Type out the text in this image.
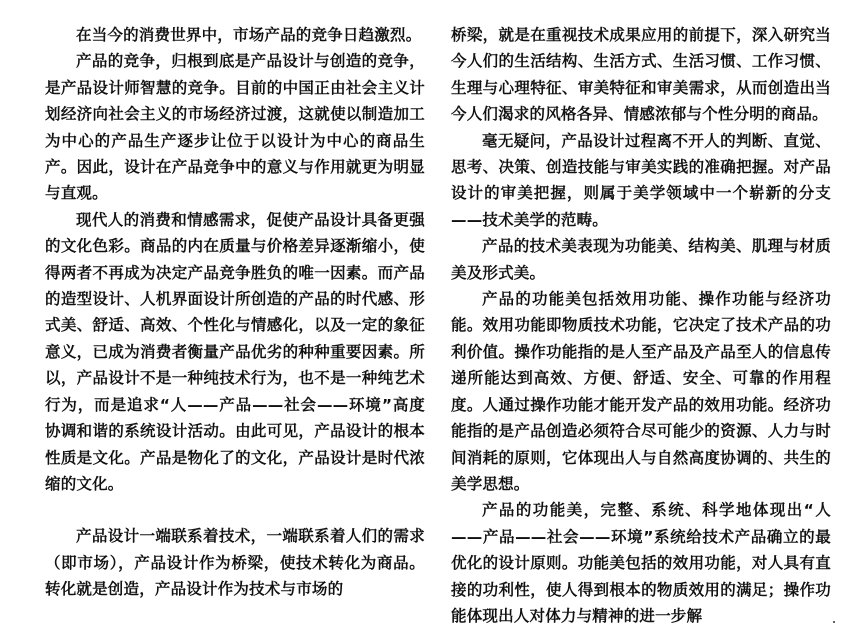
在当今的消费世界中，市场产品的竞争日趋激烈。

产品的竞争，归根到底是产品设计与创造的竞争，是产品设计师智慧的竞争。目前的中国正由社会主义计划经济向社会主义的市场经济过渡，这就使以制造加工为中心的产品生产逐步让位于以设计为中心的商品生产。因此，设计在产品竞争中的意义与作用就更为明显与直观。

现代人的消费和情感需求，促使产品设计具备更强的文化色彩。商品的内在质量与价格差异逐渐缩小，使得两者不再成为决定产品竞争胜负的唯一因素。而产品的造型设计、人机界面设计所创造的产品的时代感、形式美、舒适、高效、个性化与情感化，以及一定的象征意义，已成为消费者衡量产品优劣的种种重要因素。所以，产品设计不是一种纯技术行为，也不是一种纯艺术行为，而是追求“人——产品——社会——环境”高度协调和谐的系统设计活动。由此可见，产品设计的根本性质是文化。产品是物化了的文化，产品设计是时代浓缩的文化。

产品设计一端联系着技术，一端联系着人们的需求（即市场），产品设计作为桥梁，使技术转化为商品。转化就是创造，产品设计作为技术与市场的

桥梁，就是在重视技术成果应用的前提下，深入研究当今人们的生活结构、生活方式、生活习惯、工作习惯、生理与心理特征、审美特征和审美需求，从而创造出当今人们渴求的风格各异、情感浓郁与个性分明的商品。

毫无疑问，产品设计过程离不开人的判断、直觉、思考、决策、创造技能与审美实践的准确把握。对产品设计的审美把握，则属于美学领域中一个崭新的分支——技术美学的范畴。

产品的技术美表现为功能美、结构美、肌理与材质美及形式美。

产品的功能美包括效用功能、操作功能与经济功能。效用功能即物质技术功能，它决定了技术产品的功利价值。操作功能指的是人至产品及产品至人的信息传递所能达到高效、方便、舒适、安全、可靠的作用程度。人通过操作功能才能开发产品的效用功能。经济功能指的是产品创造必须符合尽可能少的资源、人力与时间消耗的原则，它体现出人与自然高度协调的、共生的美学思想。

产品的功能美，完整、系统、科学地体现出“人——产品——社会——环境”系统给技术产品确立的最优化的设计原则。功能美包括的效用功能，对人具有直接的功利性，使人得到根本的物质效用的满足；操作功能体现出人对体力与精神的进一步解
